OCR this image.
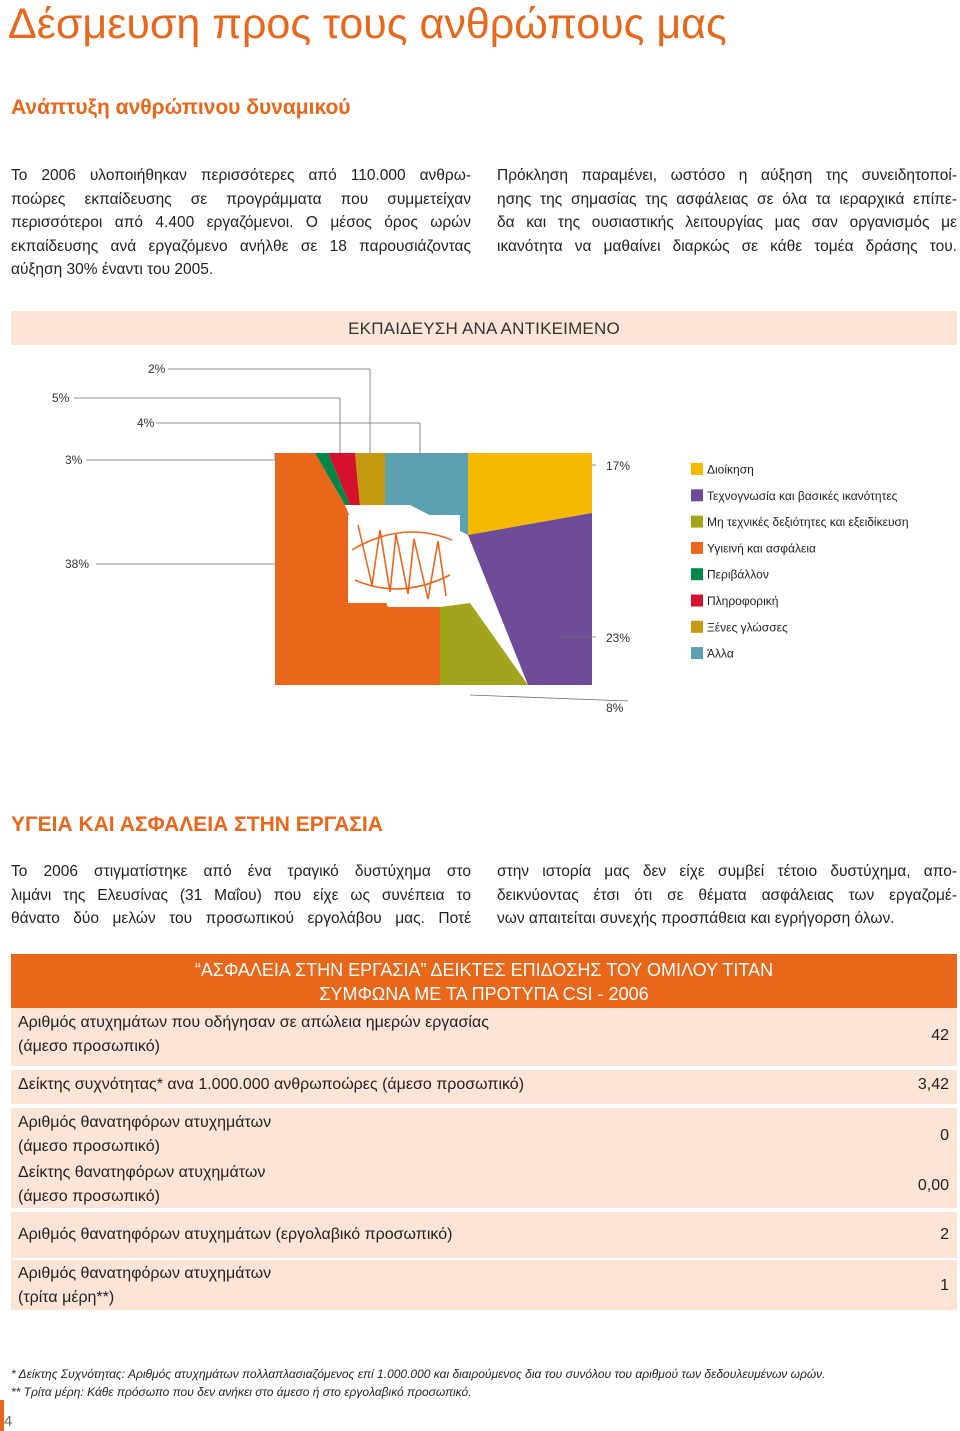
Δέσμευση προς τους ανθρώπους μας
Ανάπτυξη ανθρώπινου δυναμικού
Το 2006 υλοποιήθηκαν περισσότερες από 110.000 ανθρω-
ποώρες εκπαίδευσης σε προγράμματα που συμμετείχαν
περισσότεροι από 4.400 εργαζόμενοι. Ο μέσος όρος ωρών
εκπαίδευσης ανά εργαζόμενο ανήλθε σε 18 παρουσιάζοντας
αύξηση 30% έναντι του 2005.
Πρόκληση παραμένει, ωστόσο η αύξηση της συνειδητοποί-
ησης της σημασίας της ασφάλειας σε όλα τα ιεραρχικά επίπε-
δα και της ουσιαστικής λειτουργίας μας σαν οργανισμός με
ικανότητα να μαθαίνει διαρκώς σε κάθε τομέα δράσης του.
ΕΚΠΑΙΔΕΥΣΗ ΑΝΑ ΑΝΤΙΚΕΙΜΕΝΟ
17%
23%
8%
38%
3%
5%
2%
4%
Διοίκηση
Τεχνογνωσία και βασικές ικανότητες
Μη τεχνικές δεξιότητες και εξειδίκευση
Υγιεινή και ασφάλεια
Περιβάλλον
Πληροφορική
Ξένες γλώσσες
Άλλα
ΥΓΕΙΑ ΚΑΙ ΑΣΦΑΛΕΙΑ ΣΤΗΝ ΕΡΓΑΣΙΑ
Το 2006 στιγματίστηκε από ένα τραγικό δυστύχημα στο
λιμάνι της Ελευσίνας (31 Μαΐου) που είχε ως συνέπεια το
θάνατο δύο μελών του προσωπικού εργολάβου μας. Ποτέ
στην ιστορία μας δεν είχε συμβεί τέτοιο δυστύχημα, απο-
δεικνύοντας έτσι ότι σε θέματα ασφάλειας των εργαζομέ-
νων απαιτείται συνεχής προσπάθεια και εγρήγορση όλων.
“ΑΣΦΑΛΕΙΑ ΣΤΗΝ ΕΡΓΑΣΙΑ” ΔΕΙΚΤΕΣ ΕΠΙΔΟΣΗΣ ΤΟΥ ΟΜΙΛΟΥ ΤΙΤΑΝ
ΣΥΜΦΩΝΑ ΜΕ ΤΑ ΠΡΟΤΥΠΑ CSI - 2006
Αριθμός ατυχημάτων που οδήγησαν σε απώλεια ημερών εργασίας
(άμεσο προσωπικό)
42
Δείκτης συχνότητας* ανα 1.000.000 ανθρωποώρες (άμεσο προσωπικό)	3,42
Αριθμός θανατηφόρων ατυχημάτων
(άμεσο προσωπικό)
0
Δείκτης θανατηφόρων ατυχημάτων
(άμεσο προσωπικό)
0,00
Αριθμός θανατηφόρων ατυχημάτων (εργολαβικό προσωπικό)	2
Αριθμός θανατηφόρων ατυχημάτων
(τρίτα μέρη**)
1
* Δείκτης Συχνότητας: Αριθμός ατυχημάτων πολλαπλασιαζόμενος επί 1.000.000 και διαιρούμενος δια του συνόλου του αριθμού των δεδουλευμένων ωρών.
** Τρίτα μέρη: Κάθε πρόσωπο που δεν ανήκει στο άμεσο ή στο εργολαβικό προσωπικό.
4
